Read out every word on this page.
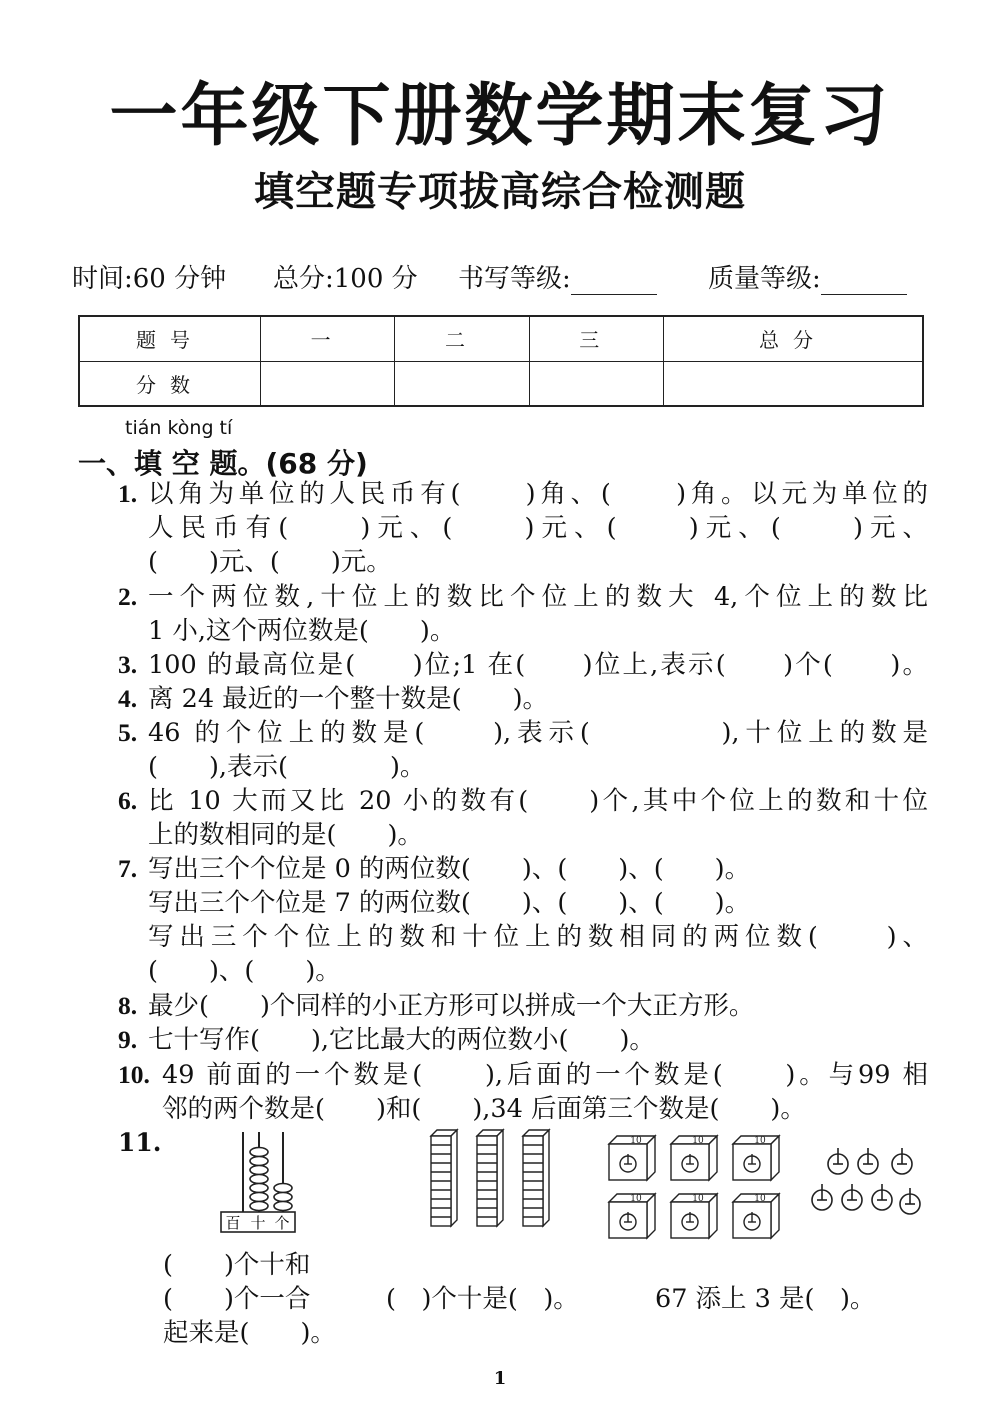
一年级下册数学期末复习
填空题专项拔高综合检测题
时间:60 分钟 总分:100 分 书写等级:	质量等级:
题号	一	二	三	总分
分数				
tián kòng tí
一、填 空 题。(68 分)
1. 以角为单位的人民币有(　　)角、(　　)角。以元为单位的
人民币有(　　)元、(　　)元、(　　)元、(　　)元、
(　　)元、(　　)元。
2. 一个两位数,十位上的数比个位上的数大 4,个位上的数比
1 小,这个两位数是(　　)。
3. 100 的最高位是(　　)位;1 在(　　)位上,表示(　　)个(　　)。
4. 离 24 最近的一个整十数是(　　)。
5. 46 的个位上的数是(　　),表示(　　　　),十位上的数是
(　　),表示(　　　　)。
6. 比 10 大而又比 20 小的数有(　　)个,其中个位上的数和十位
上的数相同的是(　　)。
7. 写出三个个位是 0 的两位数(　　)、(　　)、(　　)。
写出三个个位是 7 的两位数(　　)、(　　)、(　　)。
写出三个个位上的数和十位上的数相同的两位数(　　)、
(　　)、(　　)。
8. 最少(　　)个同样的小正方形可以拼成一个大正方形。
9. 七十写作(　　),它比最大的两位数小(　　)。
10. 49 前面的一个数是(　　),后面的一个数是(　　)。与99 相
邻的两个数是(　　)和(　　),34 后面第三个数是(　　)。
11.
百 十 个
10	10	10
10	10	10
(　　)个十和
(　　)个一合
起来是(　　)。
(　)个十是(　)。	67 添上 3 是(　)。
1
